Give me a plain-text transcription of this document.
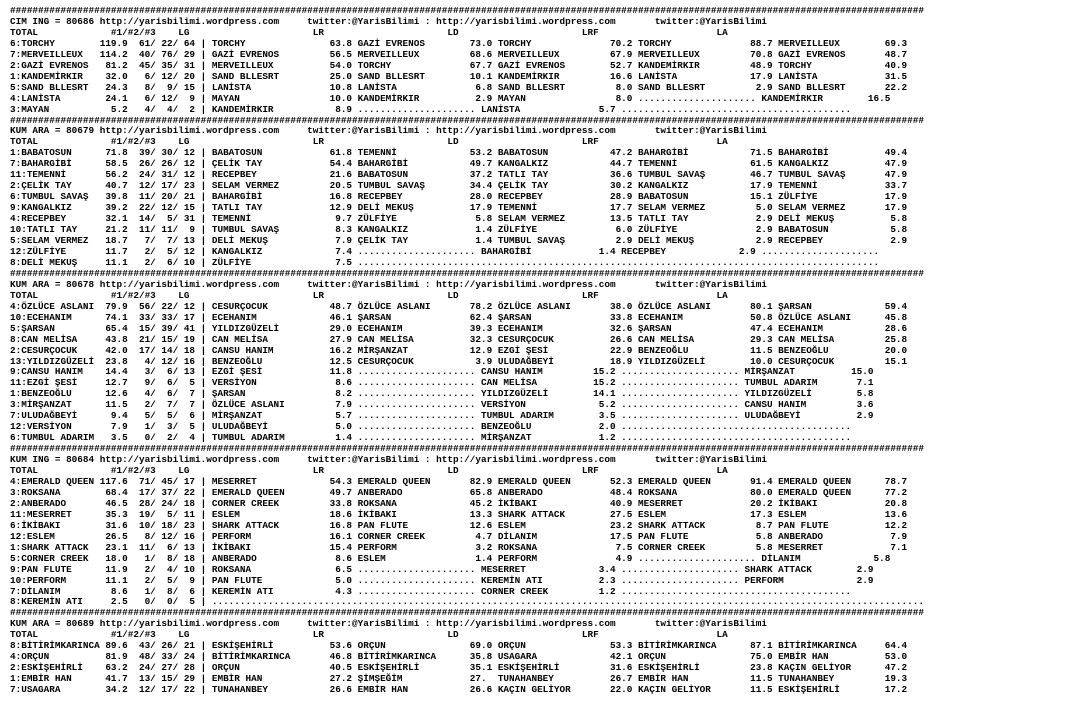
###################################################################################################################################################################
CIM ING = 80686 http://yarisbilimi.wordpress.com     twitter:@YarisBilimi : http://yarisbilimi.wordpress.com       twitter:@YarisBilimi
TOTAL             #1/#2/#3    LG                      LR                      LD                      LRF                     LA
6:TORCHY        119.9  61/ 22/ 64 | TORCHY               63.8 GAZİ EVRENOS        73.0 TORCHY              70.2 TORCHY              88.7 MERVEILLEUX        69.3
7:MERVEILLEUX   114.2  40/ 76/ 29 | GAZİ EVRENOS         56.5 MERVEILLEUX         68.6 MERVEILLEUX         67.9 MERVEILLEUX         70.8 GAZİ EVRENOS       48.7
2:GAZİ EVRENOS   81.2  45/ 35/ 31 | MERVEILLEUX          54.0 TORCHY              67.7 GAZİ EVRENOS        52.7 KANDEMİRKIR         48.9 TORCHY             40.9
1:KANDEMİRKIR    32.0   6/ 12/ 20 | SAND BLLESRT         25.0 SAND BLLESRT        10.1 KANDEMİRKIR         16.6 LANİSTA             17.9 LANİSTA            31.5
5:SAND BLLESRT   24.3   8/  9/ 15 | LANİSTA              10.8 LANİSTA              6.8 SAND BLLESRT         8.0 SAND BLLESRT         2.9 SAND BLLESRT       22.2
4:LANİSTA        24.1   6/ 12/  9 | MAYAN                10.0 KANDEMİRKIR          2.9 MAYAN                8.0 ..................... KANDEMİRKIR        16.5
3:MAYAN           5.2   4/  4/  2 | KANDEMİRKIR           8.9 ..................... LANİSTA              5.7 .........................................
###################################################################################################################################################################
KUM ARA = 80679 http://yarisbilimi.wordpress.com     twitter:@YarisBilimi : http://yarisbilimi.wordpress.com       twitter:@YarisBilimi
TOTAL             #1/#2/#3    LG                      LR                      LD                      LRF                     LA
1:BABATOSUN      71.8  39/ 30/ 12 | BABATOSUN            61.8 TEMENNİ             53.2 BABATOSUN           47.2 BAHARGİBİ           71.5 BAHARGİBİ          49.4
7:BAHARGİBİ      58.5  26/ 26/ 12 | ÇELİK TAY            54.4 BAHARGİBİ           49.7 KANGALKIZ           44.7 TEMENNİ             61.5 KANGALKIZ          47.9
11:TEMENNİ       56.2  24/ 31/ 12 | RECEPBEY             21.6 BABATOSUN           37.2 TATLI TAY           36.6 TUMBUL SAVAŞ        46.7 TUMBUL SAVAŞ       47.9
2:ÇELİK TAY      40.7  12/ 17/ 23 | SELAM VERMEZ         20.5 TUMBUL SAVAŞ        34.4 ÇELİK TAY           30.2 KANGALKIZ           17.9 TEMENNİ            33.7
6:TUMBUL SAVAŞ   39.8  11/ 20/ 21 | BAHARGİBİ            16.8 RECEPBEY            28.0 RECEPBEY            28.9 BABATOSUN           15.1 ZÜLFİYE            17.9
9:KANGALKIZ      39.2  22/ 12/ 15 | TATLI TAY            12.9 DELİ MEKUŞ          17.9 TEMENNİ             17.7 SELAM VERMEZ         5.0 SELAM VERMEZ       17.9
4:RECEPBEY       32.1  14/  5/ 31 | TEMENNİ               9.7 ZÜLFİYE              5.8 SELAM VERMEZ        13.5 TATLI TAY            2.9 DELİ MEKUŞ          5.8
10:TATLI TAY     21.2  11/ 11/  9 | TUMBUL SAVAŞ          8.3 KANGALKIZ            1.4 ZÜLFİYE              6.0 ZÜLFİYE              2.9 BABATOSUN           5.8
5:SELAM VERMEZ   18.7   7/  7/ 13 | DELİ MEKUŞ            7.9 ÇELİK TAY            1.4 TUMBUL SAVAŞ         2.9 DELİ MEKUŞ           2.9 RECEPBEY            2.9
12:ZÜLFİYE       11.7   2/  5/ 12 | KANGALKIZ             7.4 ..................... BAHARGİBİ            1.4 RECEPBEY             2.9 .....................
8:DELİ MEKUŞ     11.1   2/  6/ 10 | ZÜLFİYE               7.5 .............................................................................................
###################################################################################################################################################################
KUM ARA = 80678 http://yarisbilimi.wordpress.com     twitter:@YarisBilimi : http://yarisbilimi.wordpress.com       twitter:@YarisBilimi
TOTAL             #1/#2/#3    LG                      LR                      LD                      LRF                     LA
4:ÖZLÜCE ASLANI  79.9  56/ 22/ 12 | CESURÇOCUK           48.7 ÖZLÜCE ASLANI       78.2 ÖZLÜCE ASLANI       38.0 ÖZLÜCE ASLANI       80.1 ŞARSAN             59.4
10:ECEHANIM      74.1  33/ 33/ 17 | ECEHANIM             46.1 ŞARSAN              62.4 ŞARSAN              33.8 ECEHANIM            50.8 ÖZLÜCE ASLANI      45.8
5:ŞARSAN         65.4  15/ 39/ 41 | YILDIZGÜZELİ         29.0 ECEHANIM            39.3 ECEHANIM            32.6 ŞARSAN              47.4 ECEHANIM           28.6
8:CAN MELİSA     43.8  21/ 15/ 19 | CAN MELİSA           27.9 CAN MELİSA          32.3 CESURÇOCUK          26.6 CAN MELİSA          29.3 CAN MELİSA         25.8
2:CESURÇOCUK     42.0  17/ 14/ 18 | CANSU HANIM          16.2 MİRŞANZAT           12.9 EZGİ ŞESİ           22.9 BENZEOĞLU           11.5 BENZEOĞLU          20.0
13:YILDIZGÜZELİ  23.8   4/ 12/ 16 | BENZEOĞLU            12.5 CESURÇOCUK           3.9 ULUDAĞBEYİ          18.9 YILDIZGÜZELİ        10.0 CESURÇOCUK         15.1
9:CANSU HANIM    14.4   3/  6/ 13 | EZGİ ŞESİ            11.8 ..................... CANSU HANIM         15.2 ..................... MİRŞANZAT          15.0
11:EZGİ ŞESİ     12.7   9/  6/  5 | VERSİYON              8.6 ..................... CAN MELİSA          15.2 ..................... TUMBUL ADARIM       7.1
1:BENZEOĞLU      12.6   4/  6/  7 | ŞARSAN                8.2 ..................... YILDIZGÜZELİ        14.1 ..................... YILDIZGÜZELİ        5.8
3:MİRŞANZAT      11.5   2/  7/  7 | ÖZLÜCE ASLANI         7.9 ..................... VERSİYON             5.2 ..................... CANSU HANIM         3.6
7:ULUDAĞBEYİ      9.4   5/  5/  6 | MİRŞANZAT             5.7 ..................... TUMBUL ADARIM        3.5 ..................... ULUDAĞBEYİ          2.9
12:VERSİYON       7.9   1/  3/  5 | ULUDAĞBEYİ            5.0 ..................... BENZEOĞLU            2.0 .........................................
6:TUMBUL ADARIM   3.5   0/  2/  4 | TUMBUL ADARIM         1.4 ..................... MİRŞANZAT            1.2 .........................................
###################################################################################################################################################################
KUM ING = 80684 http://yarisbilimi.wordpress.com     twitter:@YarisBilimi : http://yarisbilimi.wordpress.com       twitter:@YarisBilimi
TOTAL             #1/#2/#3    LG                      LR                      LD                      LRF                     LA
4:EMERALD QUEEN 117.6  71/ 45/ 17 | MESERRET             54.3 EMERALD QUEEN       82.9 EMERALD QUEEN       52.3 EMERALD QUEEN       91.4 EMERALD QUEEN      78.7
3:ROKSANA        68.4  17/ 37/ 22 | EMERALD QUEEN        49.7 ANBERADO            65.8 ANBERADO            48.4 ROKSANA             80.0 EMERALD QUEEN      77.2
2:ANBERADO       46.5  28/ 24/ 18 | CORNER CREEK         33.8 ROKSANA             45.2 İKİBAKI             40.9 MESERRET            20.2 İKİBAKI            20.8
11:MESERRET      35.3  19/  5/ 11 | ESLEM                18.6 İKİBAKI             13.3 SHARK ATTACK        27.5 ESLEM               17.3 ESLEM              13.6
6:İKİBAKI        31.6  10/ 18/ 23 | SHARK ATTACK         16.8 PAN FLUTE           12.6 ESLEM               23.2 SHARK ATTACK         8.7 PAN FLUTE          12.2
12:ESLEM         26.5   8/ 12/ 16 | PERFORM              16.1 CORNER CREEK         4.7 DİLANIM             17.5 PAN FLUTE            5.8 ANBERADO            7.9
1:SHARK ATTACK   23.1  11/  6/ 13 | İKİBAKI              15.4 PERFORM              3.2 ROKSANA              7.5 CORNER CREEK         5.8 MESERRET            7.1
5:CORNER CREEK   18.0   1/  8/ 18 | ANBERADO              8.6 ESLEM                1.4 PERFORM              4.9 ..................... DİLANIM             5.8
9:PAN FLUTE      11.9   2/  4/ 10 | ROKSANA               6.5 ..................... MESERRET             3.4 ..................... SHARK ATTACK        2.9
10:PERFORM       11.1   2/  5/  9 | PAN FLUTE             5.0 ..................... KEREMİN ATI          2.3 ..................... PERFORM             2.9
7:DİLANIM         8.6   1/  8/  6 | KEREMİN ATI           4.3 ..................... CORNER CREEK         1.2 .........................................
8:KEREMİN ATI     2.5   0/  0/  5 | ...............................................................................................................................
###################################################################################################################################################################
KUM ARA = 80689 http://yarisbilimi.wordpress.com     twitter:@YarisBilimi : http://yarisbilimi.wordpress.com       twitter:@YarisBilimi
TOTAL             #1/#2/#3    LG                      LR                      LD                      LRF                     LA
8:BİTİRİMKARINCA 89.6  43/ 26/ 21 | ESKİŞEHİRLİ          53.6 ORÇUN               69.0 ORÇUN               53.3 BİTİRİMKARINCA      87.1 BİTİRİMKARINCA     64.4
4:ORÇUN          81.9  48/ 33/ 24 | BİTİRİMKARINCA       46.8 BİTİRİMKARINCA      35.8 USAGARA             42.1 ORÇUN               75.0 EMBİR HAN          53.0
2:ESKİŞEHİRLİ    63.2  24/ 27/ 28 | ORÇUN                40.5 ESKİŞEHİRLİ         35.1 ESKİŞEHİRLİ         31.6 ESKİŞEHİRLİ         23.8 KAÇIN GELİYOR      47.2
1:EMBİR HAN      41.7  13/ 15/ 29 | EMBİR HAN            27.2 ŞİMŞEĞİM            27.  TUNAHANBEY          26.7 EMBİR HAN           11.5 TUNAHANBEY         19.3
7:USAGARA        34.2  12/ 17/ 22 | TUNAHANBEY           26.6 EMBİR HAN           26.6 KAÇIN GELİYOR       22.0 KAÇIN GELİYOR       11.5 ESKİŞEHİRLİ        17.2
